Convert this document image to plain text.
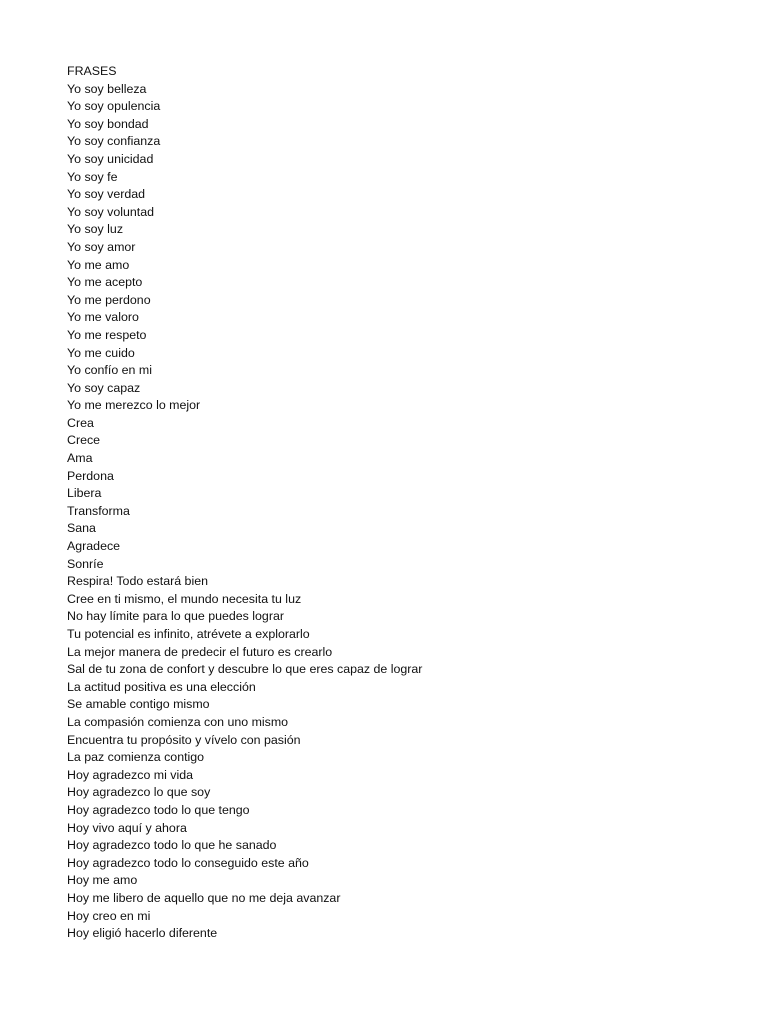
FRASES
Yo soy belleza
Yo soy opulencia
Yo soy bondad
Yo soy confianza
Yo soy unicidad
Yo soy fe
Yo soy verdad
Yo soy voluntad
Yo soy luz
Yo soy amor
Yo me amo
Yo me acepto
Yo me perdono
Yo me valoro
Yo me respeto
Yo me cuido
Yo confío en mi
Yo soy capaz
Yo me merezco lo mejor
Crea
Crece
Ama
Perdona
Libera
Transforma
Sana
Agradece
Sonríe
Respira! Todo estará bien
Cree en ti mismo, el mundo necesita tu luz
No hay límite para lo que puedes lograr
Tu potencial es infinito, atrévete a explorarlo
La mejor manera de predecir el futuro es crearlo
Sal de tu zona de confort y descubre lo que eres capaz de lograr
La actitud positiva es una elección
Se amable contigo mismo
La compasión comienza con uno mismo
Encuentra tu propósito y vívelo con pasión
La paz comienza contigo
Hoy agradezco mi vida
Hoy agradezco lo que soy
Hoy agradezco todo lo que tengo
Hoy vivo aquí y ahora
Hoy agradezco todo lo que he sanado
Hoy agradezco todo lo conseguido este año
Hoy me amo
Hoy me libero de aquello que no me deja avanzar
Hoy creo en mi
Hoy eligió hacerlo diferente
